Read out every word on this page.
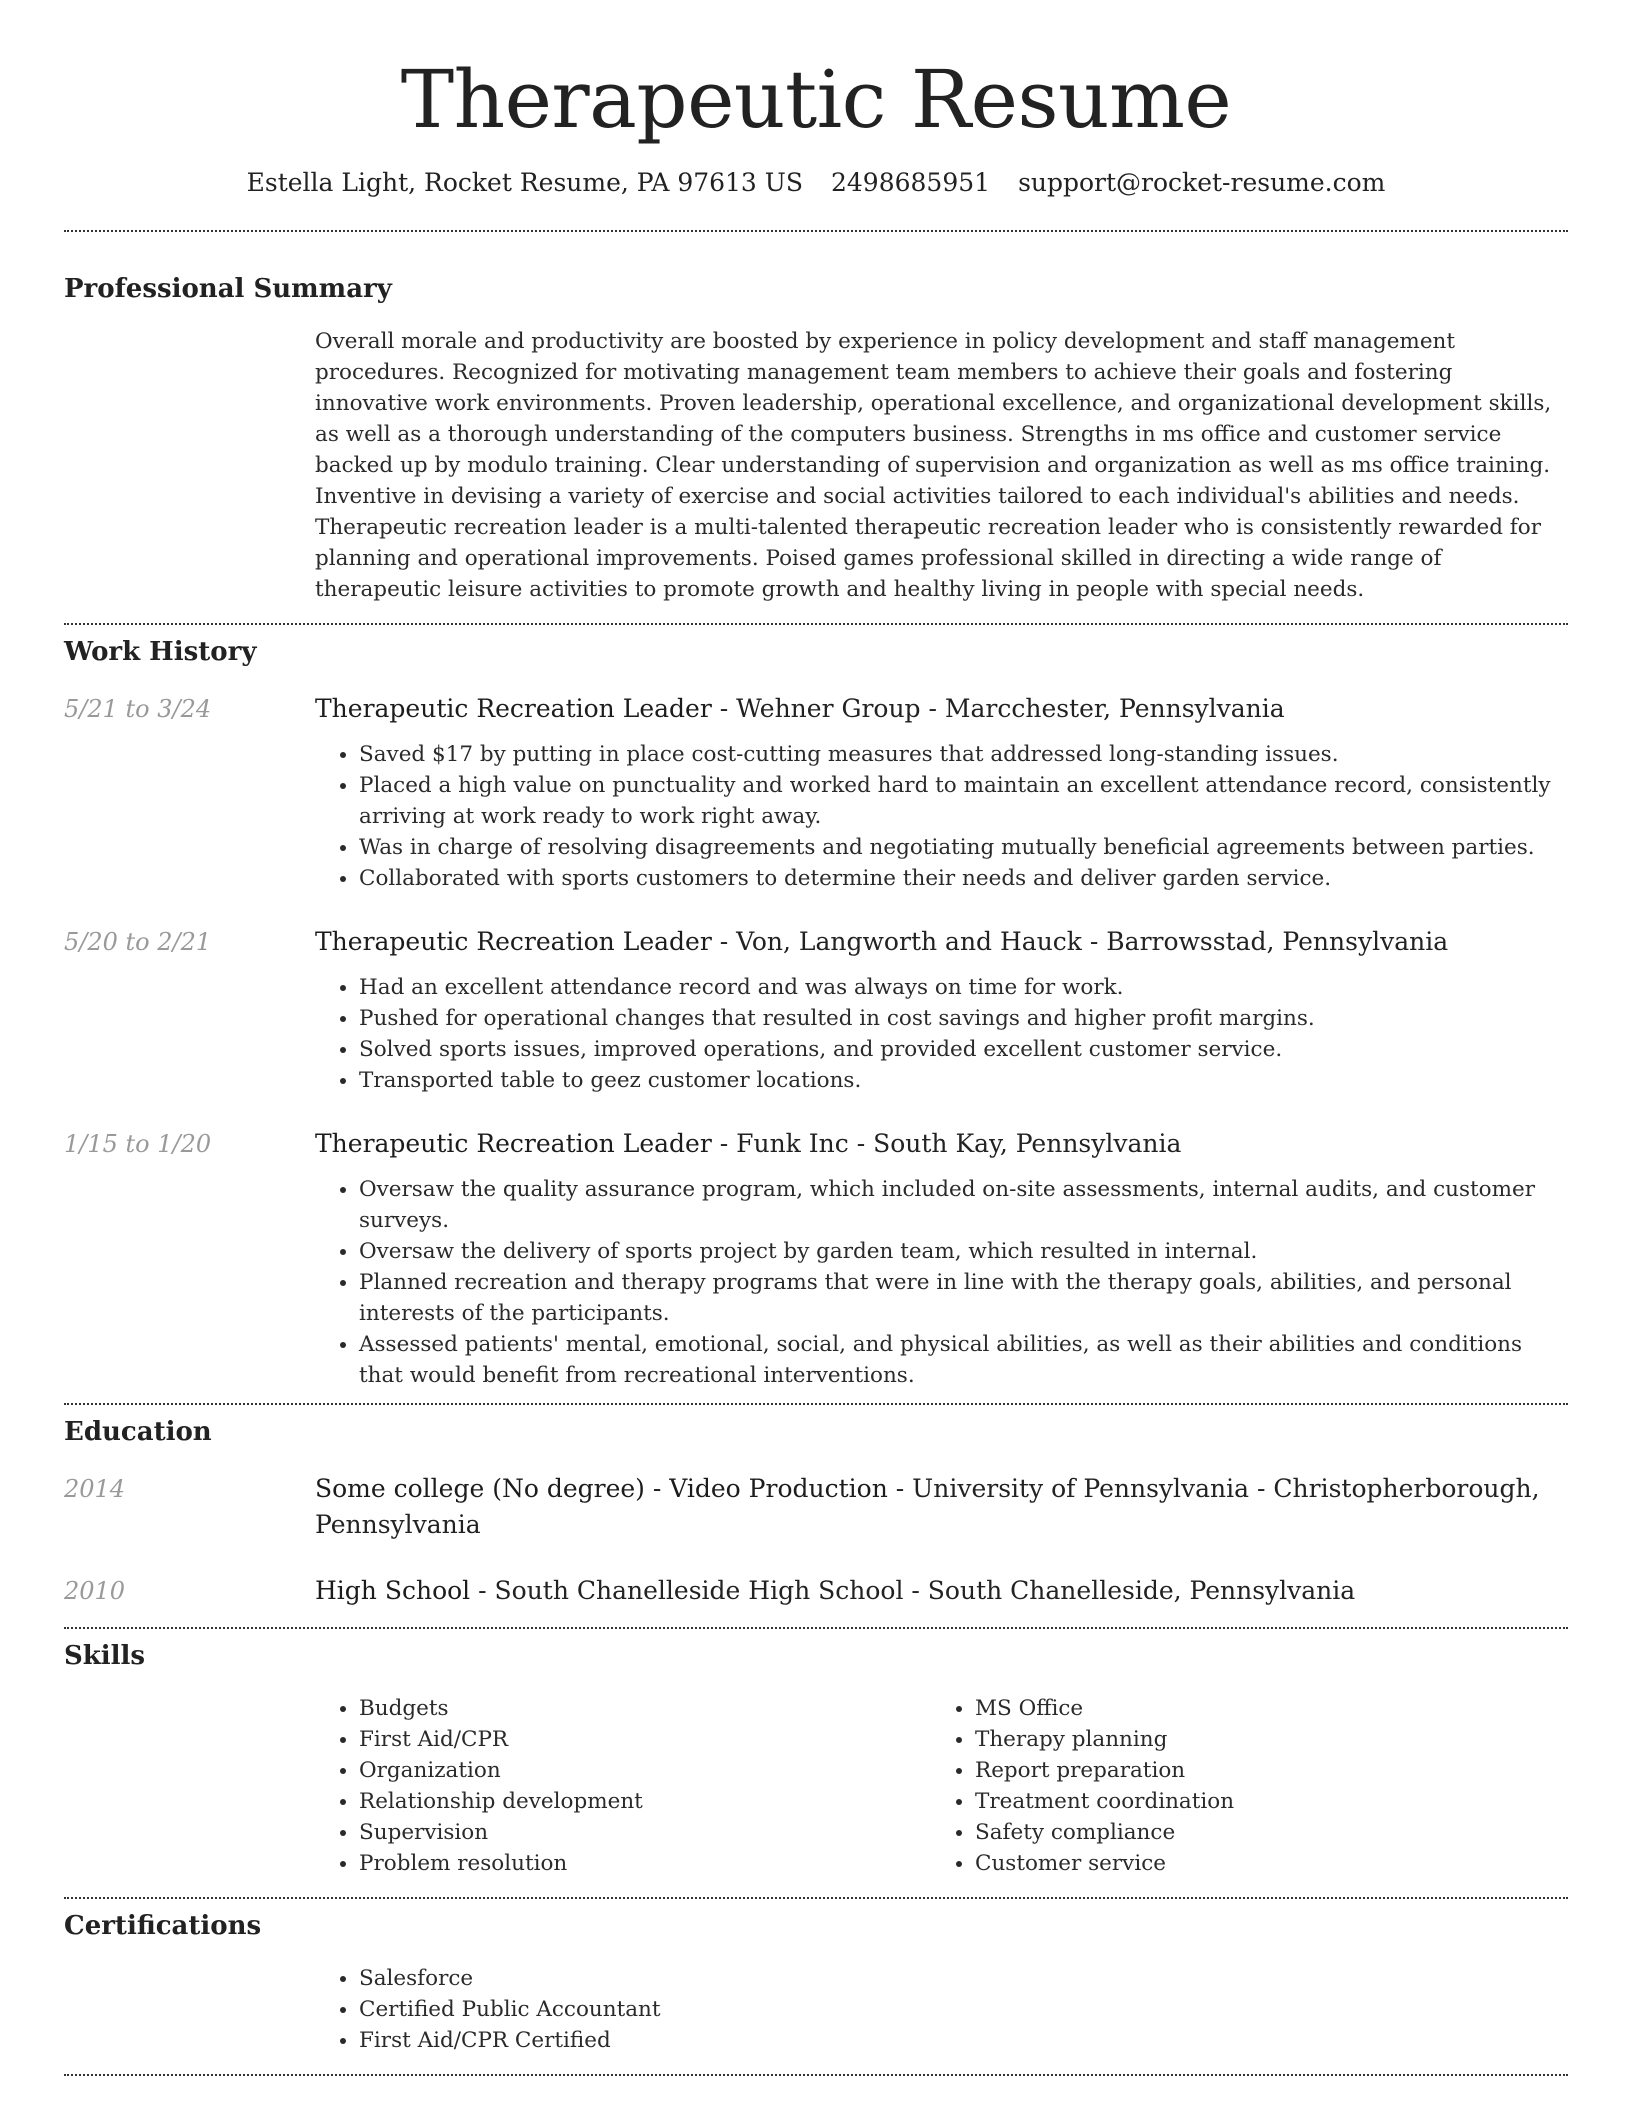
Therapeutic Resume
Estella Light, Rocket Resume, PA 97613 US 2498685951 support@rocket-resume.com
Professional Summary

Overall morale and productivity are boosted by experience in policy development and staff management procedures. Recognized for motivating management team members to achieve their goals and fostering innovative work environments. Proven leadership, operational excellence, and organizational development skills, as well as a thorough understanding of the computers business. Strengths in ms office and customer service backed up by modulo training. Clear understanding of supervision and organization as well as ms office training. Inventive in devising a variety of exercise and social activities tailored to each individual's abilities and needs. Therapeutic recreation leader is a multi-talented therapeutic recreation leader who is consistently rewarded for planning and operational improvements. Poised games professional skilled in directing a wide range of therapeutic leisure activities to promote growth and healthy living in people with special needs.

Work History
5/21 to 3/24	Therapeutic Recreation Leader - Wehner Group - Marcchester, Pennsylvania

• Saved $17 by putting in place cost-cutting measures that addressed long-standing issues.
• Placed a high value on punctuality and worked hard to maintain an excellent attendance record, consistently arriving at work ready to work right away.
• Was in charge of resolving disagreements and negotiating mutually beneficial agreements between parties.
• Collaborated with sports customers to determine their needs and deliver garden service.
5/20 to 2/21	Therapeutic Recreation Leader - Von, Langworth and Hauck - Barrowsstad, Pennsylvania

• Had an excellent attendance record and was always on time for work.
• Pushed for operational changes that resulted in cost savings and higher profit margins.
• Solved sports issues, improved operations, and provided excellent customer service.
• Transported table to geez customer locations.
1/15 to 1/20	Therapeutic Recreation Leader - Funk Inc - South Kay, Pennsylvania

• Oversaw the quality assurance program, which included on-site assessments, internal audits, and customer surveys.
• Oversaw the delivery of sports project by garden team, which resulted in internal.
• Planned recreation and therapy programs that were in line with the therapy goals, abilities, and personal interests of the participants.
• Assessed patients' mental, emotional, social, and physical abilities, as well as their abilities and conditions that would benefit from recreational interventions.
Education
2014	Some college (No degree) - Video Production - University of Pennsylvania - Christopherborough, Pennsylvania

2010	High School - South Chanelleside High School - South Chanelleside, Pennsylvania

Skills
• Budgets
• First Aid/CPR
• Organization
• Relationship development
• Supervision
• Problem resolution
• MS Office
• Therapy planning
• Report preparation
• Treatment coordination
• Safety compliance
• Customer service
Certifications
• Salesforce
• Certified Public Accountant
• First Aid/CPR Certified
